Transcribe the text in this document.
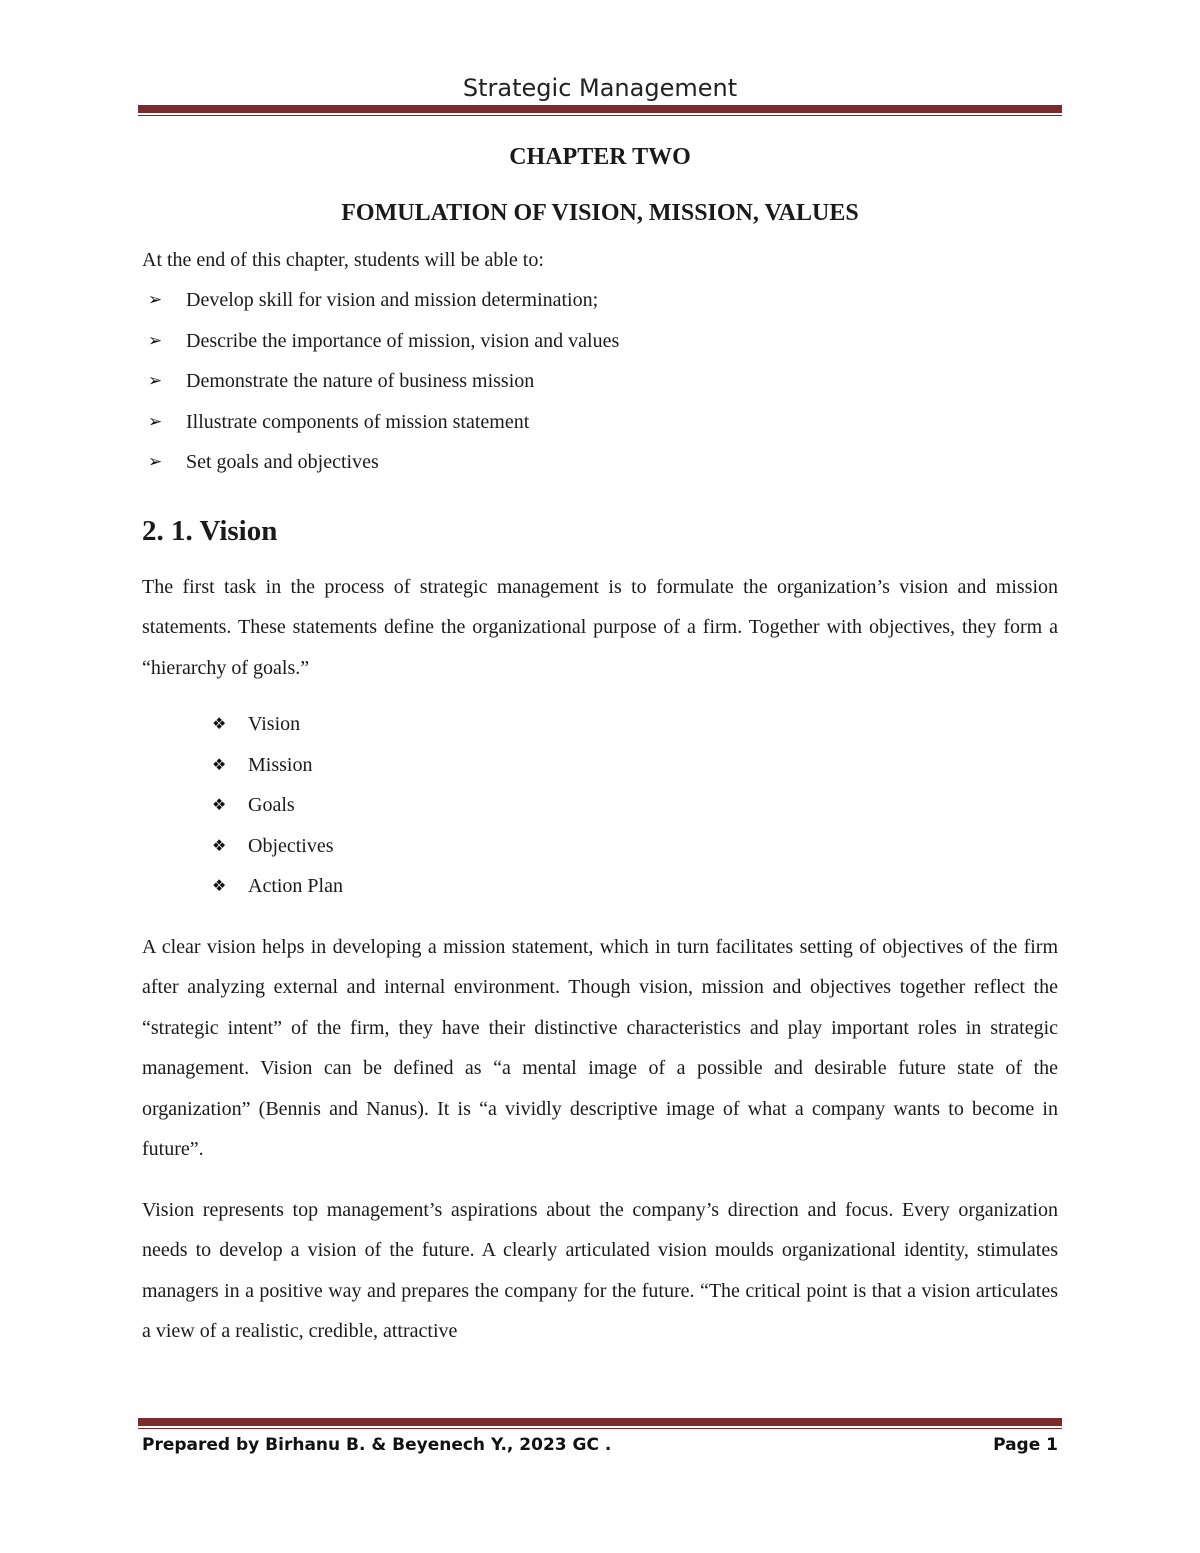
Strategic Management
CHAPTER TWO
FOMULATION OF VISION, MISSION, VALUES

At the end of this chapter, students will be able to:

➢	Develop skill for vision and mission determination;
➢	Describe the importance of mission, vision and values
➢	Demonstrate the nature of business mission
➢	Illustrate components of mission statement
➢	Set goals and objectives
2. 1. Vision

The first task in the process of strategic management is to formulate the organization’s vision and mission statements. These statements define the organizational purpose of a firm. Together with objectives, they form a “hierarchy of goals.”

❖	Vision
❖	Mission
❖	Goals
❖	Objectives
❖	Action Plan

A clear vision helps in developing a mission statement, which in turn facilitates setting of objectives of the firm after analyzing external and internal environment. Though vision, mission and objectives together reflect the “strategic intent” of the firm, they have their distinctive characteristics and play important roles in strategic management. Vision can be defined as “a mental image of a possible and desirable future state of the organization” (Bennis and Nanus). It is “a vividly descriptive image of what a company wants to become in future”.

Vision represents top management’s aspirations about the company’s direction and focus. Every organization needs to develop a vision of the future. A clearly articulated vision moulds organizational identity, stimulates managers in a positive way and prepares the company for the future. “The critical point is that a vision articulates a view of a realistic, credible, attractive

Prepared by Birhanu B. & Beyenech Y., 2023 GC .	Page 1
